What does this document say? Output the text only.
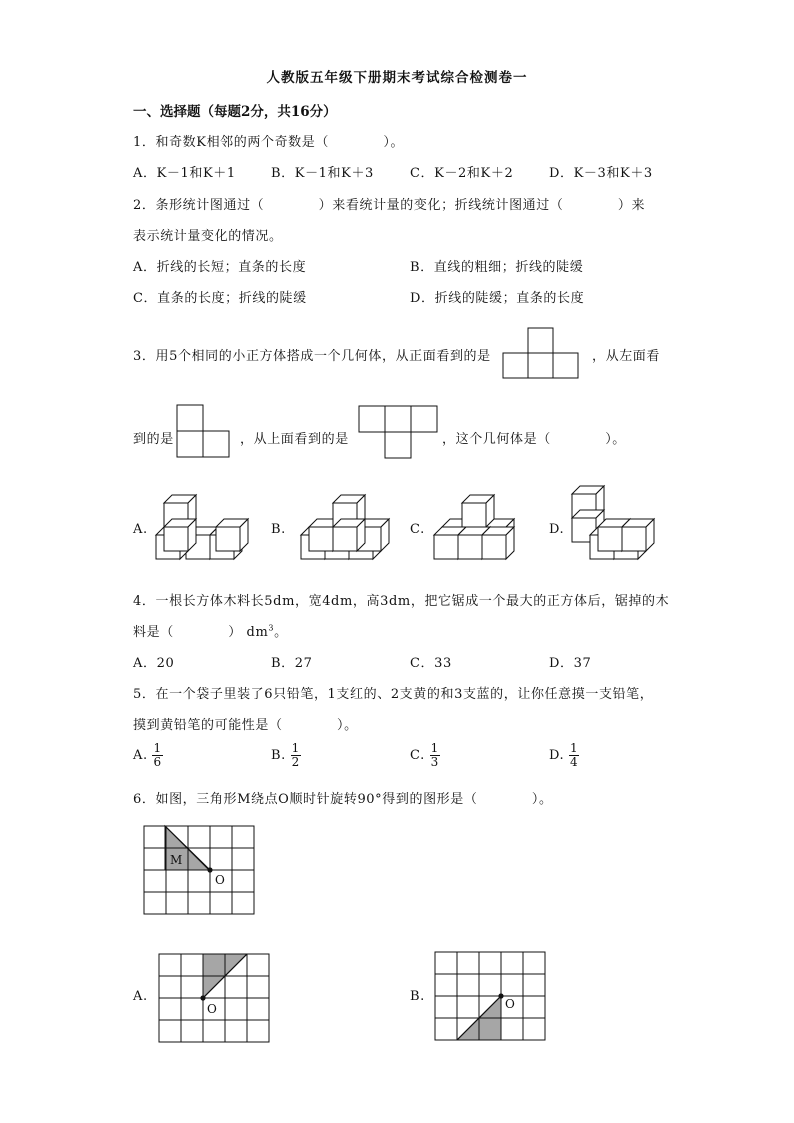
人教版五年级下册期末考试综合检测卷一
一、选择题（每题2分，共16分）
1．和奇数K相邻的两个奇数是（　　　　）。
A．K－1和K＋1	B．K－1和K＋3	C．K－2和K＋2	D．K－3和K＋3
2．条形统计图通过（　　　　）来看统计量的变化；折线统计图通过（　　　　）来
表示统计量变化的情况。
A．折线的长短；直条的长度	B．直线的粗细；折线的陡缓
C．直条的长度；折线的陡缓	D．折线的陡缓；直条的长度
3．用5个相同的小正方体搭成一个几何体，从正面看到的是	，从左面看
到的是	，从上面看到的是	，这个几何体是（　　　　）。
A.	B.	C.	D.
4．一根长方体木料长5dm，宽4dm，高3dm，把它锯成一个最大的正方体后，锯掉的木
料是（　　　　） $dm^3$。
A．20	B．27	C．33	D．37
5．在一个袋子里装了6只铅笔，1支红的、2支黄的和3支蓝的，让你任意摸一支铅笔，
摸到黄铅笔的可能性是（　　　　）。
A. $\frac{1}{6}$	B. $\frac{1}{2}$	C. $\frac{1}{3}$	D. $\frac{1}{4}$
6．如图，三角形M绕点O顺时针旋转90°得到的图形是（　　　　）。
M
O
A.
O
B.	O
